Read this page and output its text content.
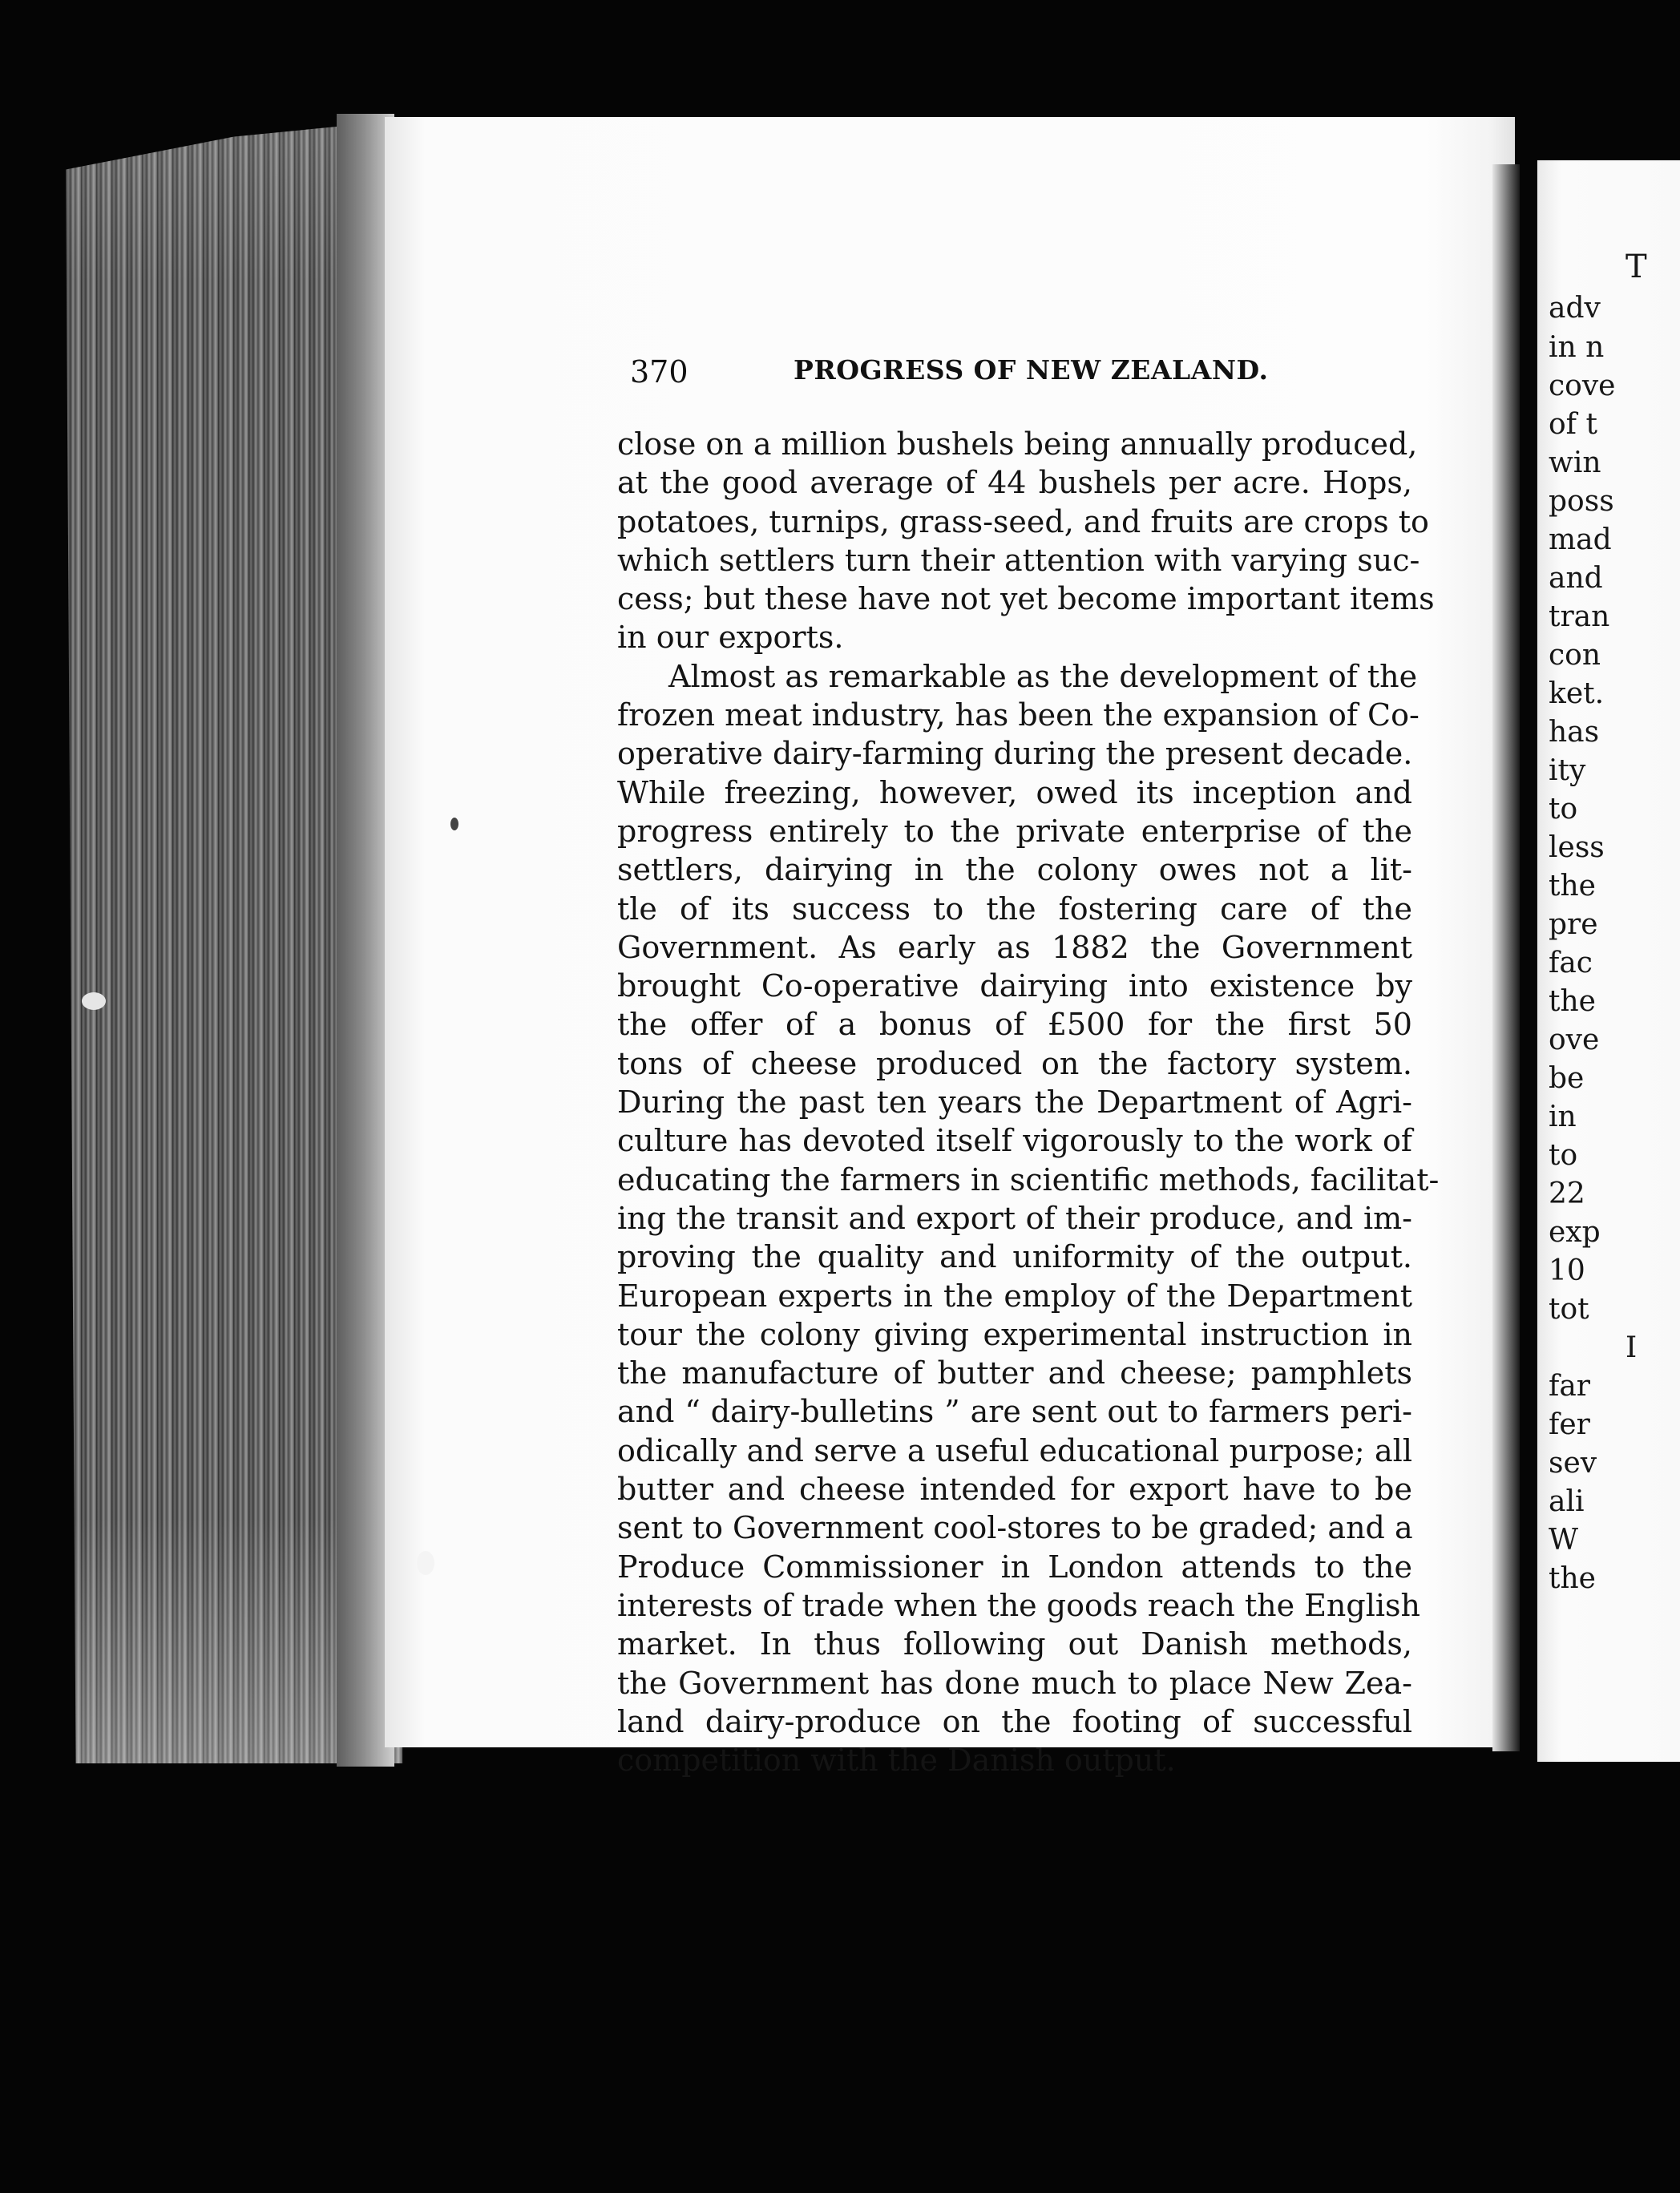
T
adv
in n
cove
of t
win
poss
mad
and
tran
con
ket.
has
ity
to
less
the
pre
fac
the
ove
be
in
to
22
exp
10
tot
I
far
fer
sev
ali
W
the
370	PROGRESS OF NEW ZEALAND.
close on a million bushels being annually produced,
at the good average of 44 bushels per acre. Hops,
potatoes, turnips, grass-seed, and fruits are crops to
which settlers turn their attention with varying suc-
cess; but these have not yet become important items
in our exports.
Almost as remarkable as the development of the
frozen meat industry, has been the expansion of Co-
operative dairy-farming during the present decade.
While freezing, however, owed its inception and
progress entirely to the private enterprise of the
settlers, dairying in the colony owes not a lit-
tle of its success to the fostering care of the
Government. As early as 1882 the Government
brought Co-operative dairying into existence by
the offer of a bonus of £500 for the first 50
tons of cheese produced on the factory system.
During the past ten years the Department of Agri-
culture has devoted itself vigorously to the work of
educating the farmers in scientific methods, facilitat-
ing the transit and export of their produce, and im-
proving the quality and uniformity of the output.
European experts in the employ of the Department
tour the colony giving experimental instruction in
the manufacture of butter and cheese; pamphlets
and “ dairy-bulletins ” are sent out to farmers peri-
odically and serve a useful educational purpose; all
butter and cheese intended for export have to be
sent to Government cool-stores to be graded; and a
Produce Commissioner in London attends to the
interests of trade when the goods reach the English
market. In thus following out Danish methods,
the Government has done much to place New Zea-
land dairy-produce on the footing of successful
competition with the Danish output.
